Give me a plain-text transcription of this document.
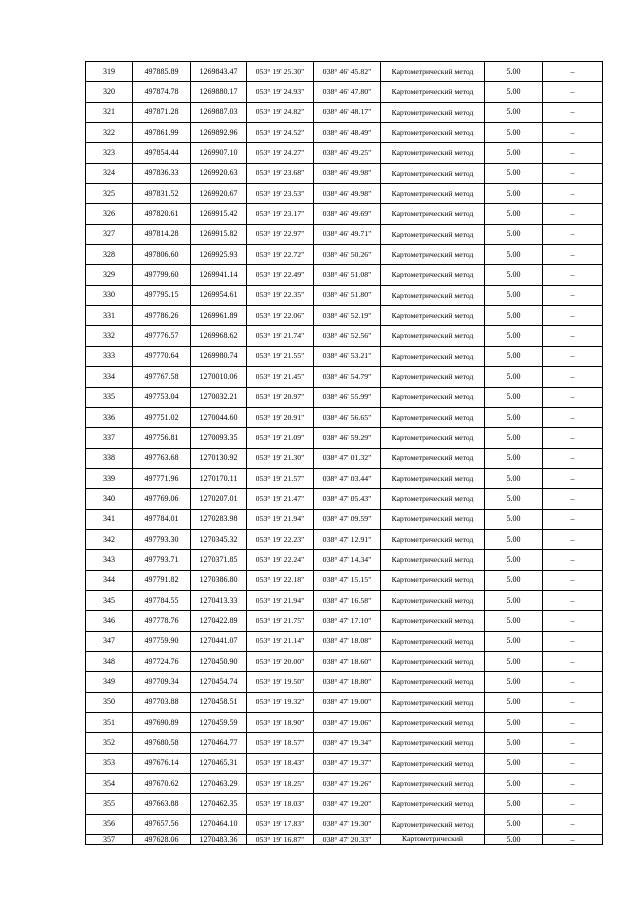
319	497885.89	1269843.47	053° 19' 25.30"	038° 46' 45.82"	Картометрический метод	5.00	–
320	497874.78	1269880.17	053° 19' 24.93"	038° 46' 47.80"	Картометрический метод	5.00	–
321	497871.28	1269887.03	053° 19' 24.82"	038° 46' 48.17"	Картометрический метод	5.00	–
322	497861.99	1269892.96	053° 19' 24.52"	038° 46' 48.49"	Картометрический метод	5.00	–
323	497854.44	1269907.10	053° 19' 24.27"	038° 46' 49.25"	Картометрический метод	5.00	–
324	497836.33	1269920.63	053° 19' 23.68"	038° 46' 49.98"	Картометрический метод	5.00	–
325	497831.52	1269920.67	053° 19' 23.53"	038° 46' 49.98"	Картометрический метод	5.00	–
326	497820.61	1269915.42	053° 19' 23.17"	038° 46' 49.69"	Картометрический метод	5.00	–
327	497814.28	1269915.82	053° 19' 22.97"	038° 46' 49.71"	Картометрический метод	5.00	–
328	497806.60	1269925.93	053° 19' 22.72"	038° 46' 50.26"	Картометрический метод	5.00	–
329	497799.60	1269941.14	053° 19' 22.49"	038° 46' 51.08"	Картометрический метод	5.00	–
330	497795.15	1269954.61	053° 19' 22.35"	038° 46' 51.80"	Картометрический метод	5.00	–
331	497786.26	1269961.89	053° 19' 22.06"	038° 46' 52.19"	Картометрический метод	5.00	–
332	497776.57	1269968.62	053° 19' 21.74"	038° 46' 52.56"	Картометрический метод	5.00	–
333	497770.64	1269980.74	053° 19' 21.55"	038° 46' 53.21"	Картометрический метод	5.00	–
334	497767.58	1270010.06	053° 19' 21.45"	038° 46' 54.79"	Картометрический метод	5.00	–
335	497753.04	1270032.21	053° 19' 20.97"	038° 46' 55.99"	Картометрический метод	5.00	–
336	497751.02	1270044.60	053° 19' 20.91"	038° 46' 56.65"	Картометрический метод	5.00	–
337	497756.81	1270093.35	053° 19' 21.09"	038° 46' 59.29"	Картометрический метод	5.00	–
338	497763.68	1270130.92	053° 19' 21.30"	038° 47' 01.32"	Картометрический метод	5.00	–
339	497771.96	1270170.11	053° 19' 21.57"	038° 47' 03.44"	Картометрический метод	5.00	–
340	497769.06	1270207.01	053° 19' 21.47"	038° 47' 05.43"	Картометрический метод	5.00	–
341	497784.01	1270283.98	053° 19' 21.94"	038° 47' 09.59"	Картометрический метод	5.00	–
342	497793.30	1270345.32	053° 19' 22.23"	038° 47' 12.91"	Картометрический метод	5.00	–
343	497793.71	1270371.85	053° 19' 22.24"	038° 47' 14.34"	Картометрический метод	5.00	–
344	497791.82	1270386.80	053° 19' 22.18"	038° 47' 15.15"	Картометрический метод	5.00	–
345	497784.55	1270413.33	053° 19' 21.94"	038° 47' 16.58"	Картометрический метод	5.00	–
346	497778.76	1270422.89	053° 19' 21.75"	038° 47' 17.10"	Картометрический метод	5.00	–
347	497759.90	1270441.07	053° 19' 21.14"	038° 47' 18.08"	Картометрический метод	5.00	–
348	497724.76	1270450.90	053° 19' 20.00"	038° 47' 18.60"	Картометрический метод	5.00	–
349	497709.34	1270454.74	053° 19' 19.50"	038° 47' 18.80"	Картометрический метод	5.00	–
350	497703.88	1270458.51	053° 19' 19.32"	038° 47' 19.00"	Картометрический метод	5.00	–
351	497690.89	1270459.59	053° 19' 18.90"	038° 47' 19.06"	Картометрический метод	5.00	–
352	497680.58	1270464.77	053° 19' 18.57"	038° 47' 19.34"	Картометрический метод	5.00	–
353	497676.14	1270465.31	053° 19' 18.43"	038° 47' 19.37"	Картометрический метод	5.00	–
354	497670.62	1270463.29	053° 19' 18.25"	038° 47' 19.26"	Картометрический метод	5.00	–
355	497663.88	1270462.35	053° 19' 18.03"	038° 47' 19.20"	Картометрический метод	5.00	–
356	497657.56	1270464.10	053° 19' 17.83"	038° 47' 19.30"	Картометрический метод	5.00	–
357	497628.06	1270483.36	053° 19' 16.87"	038° 47' 20.33"	Картометрический	5.00	–
